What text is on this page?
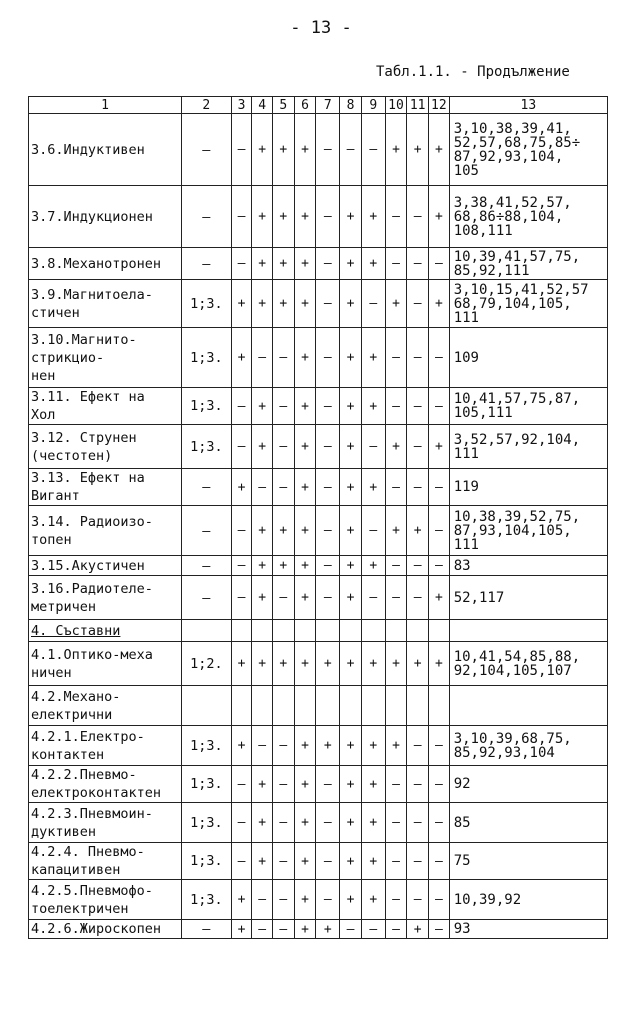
- 13 -
Табл.1.1. - Продължение
1	2	3	4	5	6	7	8	9	10	11	12	13
3.6.Индуктивен	–	–	+	+	+	–	–	–	+	+	+	3,10,38,39,41,
52,57,68,75,85÷
87,92,93,104,
105
3.7.Индукционен	–	–	+	+	+	–	+	+	–	–	+	3,38,41,52,57,
68,86÷88,104,
108,111
3.8.Механотронен	–	–	+	+	+	–	+	+	–	–	–	10,39,41,57,75,
85,92,111
3.9.Магнитоела-
стичен	1;3.	+	+	+	+	–	+	–	+	–	+	3,10,15,41,52,57
68,79,104,105,
111
3.10.Магнито-
стрикцио-
нен	1;3.	+	–	–	+	–	+	+	–	–	–	109
3.11. Ефект на
Хол	1;3.	–	+	–	+	–	+	+	–	–	–	10,41,57,75,87,
105,111
3.12. Струнен
(честотен)	1;3.	–	+	–	+	–	+	–	+	–	+	3,52,57,92,104,
111
3.13. Ефект на
Вигант	–	+	–	–	+	–	+	+	–	–	–	119
3.14. Радиоизо-
топен	–	–	+	+	+	–	+	–	+	+	–	10,38,39,52,75,
87,93,104,105,
111
3.15.Акустичен	–	–	+	+	+	–	+	+	–	–	–	83
3.16.Радиотеле-
метричен	–	–	+	–	+	–	+	–	–	–	+	52,117
4. Съставни												
4.1.Оптико-меха
ничен	1;2.	+	+	+	+	+	+	+	+	+	+	10,41,54,85,88,
92,104,105,107
4.2.Механо-
електрични												
4.2.1.Електро-
контактен	1;3.	+	–	–	+	+	+	+	+	–	–	3,10,39,68,75,
85,92,93,104
4.2.2.Пневмо-
електроконтактен	1;3.	–	+	–	+	–	+	+	–	–	–	92
4.2.3.Пневмоин-
дуктивен	1;3.	–	+	–	+	–	+	+	–	–	–	85
4.2.4. Пневмо-
капацитивен	1;3.	–	+	–	+	–	+	+	–	–	–	75
4.2.5.Пневмофо-
тоелектричен	1;3.	+	–	–	+	–	+	+	–	–	–	10,39,92
4.2.6.Жироскопен	–	+	–	–	+	+	–	–	–	+	–	93
